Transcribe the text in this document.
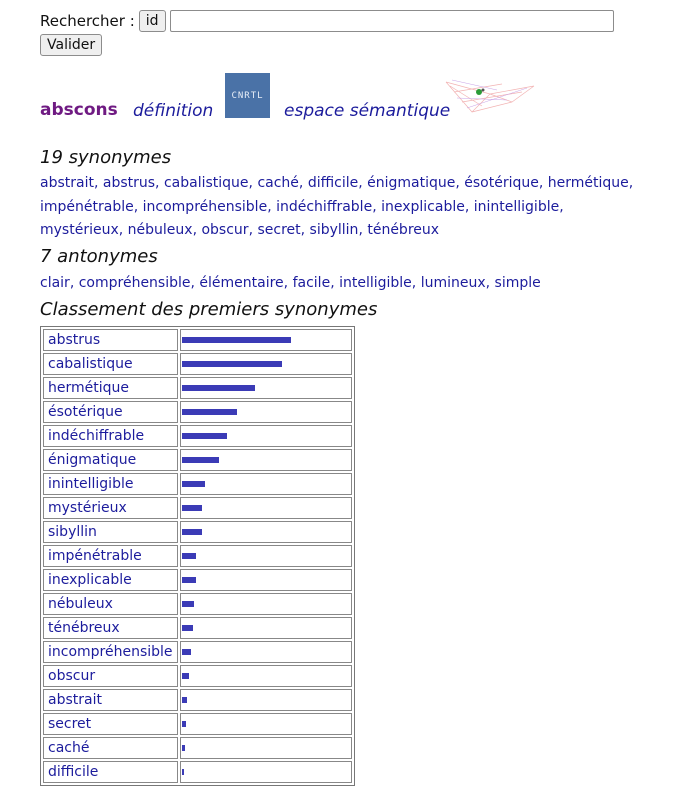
Rechercher : id
Valider
abscons définition
CNRTL
espace sémantique
19 synonymes
abstrait, abstrus, cabalistique, caché, difficile, énigmatique, ésotérique, hermétique, impénétrable, incompréhensible, indéchiffrable, inexplicable, inintelligible, mystérieux, nébuleux, obscur, secret, sibyllin, ténébreux
7 antonymes
clair, compréhensible, élémentaire, facile, intelligible, lumineux, simple
Classement des premiers synonymes
abstrus	

cabalistique	

hermétique	

ésotérique	

indéchiffrable	

énigmatique	

inintelligible	

mystérieux	

sibyllin	

impénétrable	

inexplicable	

nébuleux	

ténébreux	

incompréhensible	

obscur	

abstrait	

secret	

caché	

difficile	
